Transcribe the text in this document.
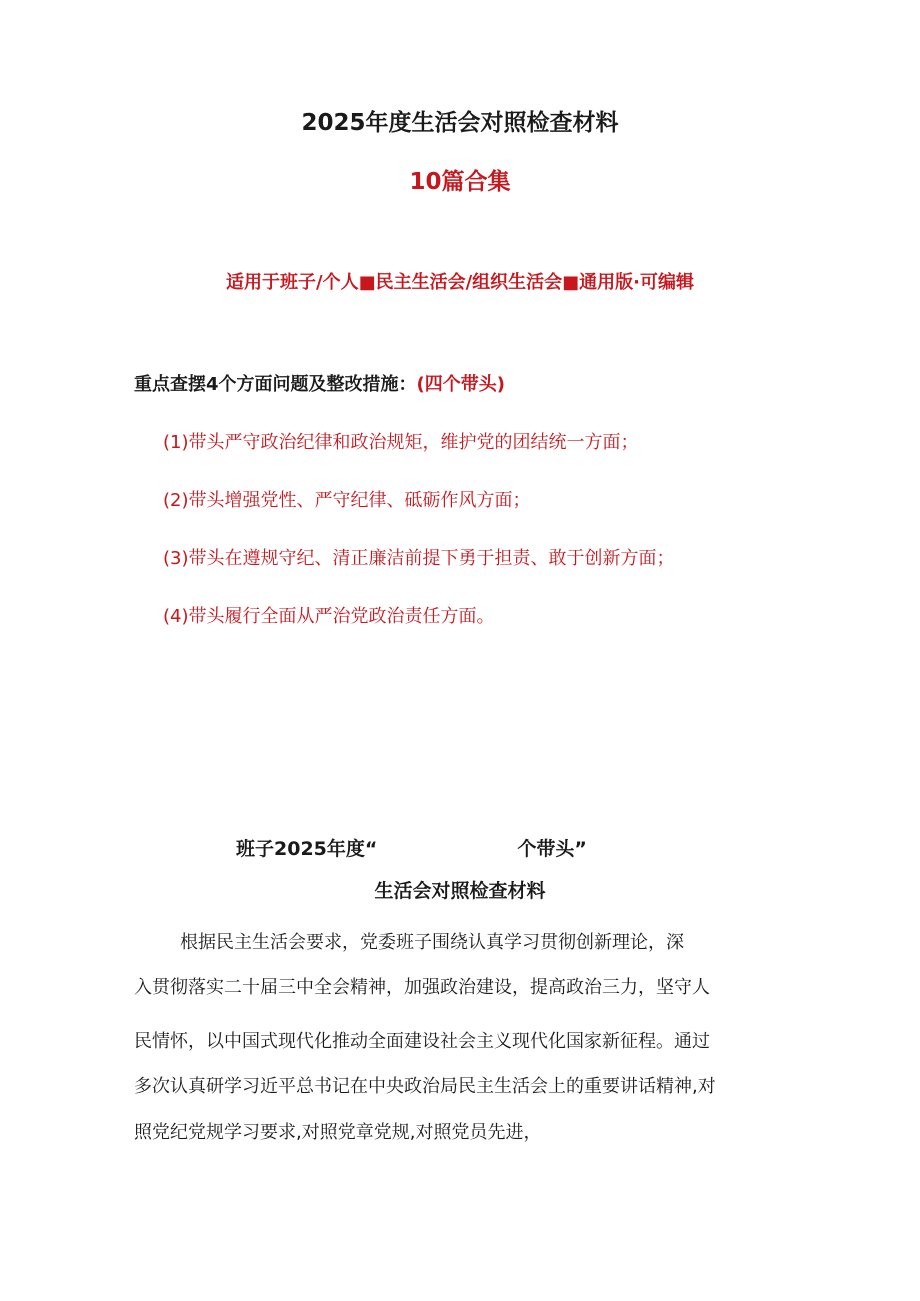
2025年度生活会对照检查材料
10篇合集
适用于班子/个人■民主生活会/组织生活会■通用版·可编辑
重点查摆4个方面问题及整改措施：(四个带头)
(1)带头严守政治纪律和政治规矩，维护党的团结统一方面；
(2)带头增强党性、严守纪律、砥砺作风方面；
(3)带头在遵规守纪、清正廉洁前提下勇于担责、敢于创新方面；
(4)带头履行全面从严治党政治责任方面。
班子2025年度“	个带头”
生活会对照检查材料
根据民主生活会要求，党委班子围绕认真学习贯彻创新理论，深
入贯彻落实二十届三中全会精神，加强政治建设，提高政治三力，坚守人
民情怀，以中国式现代化推动全面建设社会主义现代化国家新征程。通过
多次认真研学习近平总书记在中央政治局民主生活会上的重要讲话精神,对
照党纪党规学习要求,对照党章党规,对照党员先进，
